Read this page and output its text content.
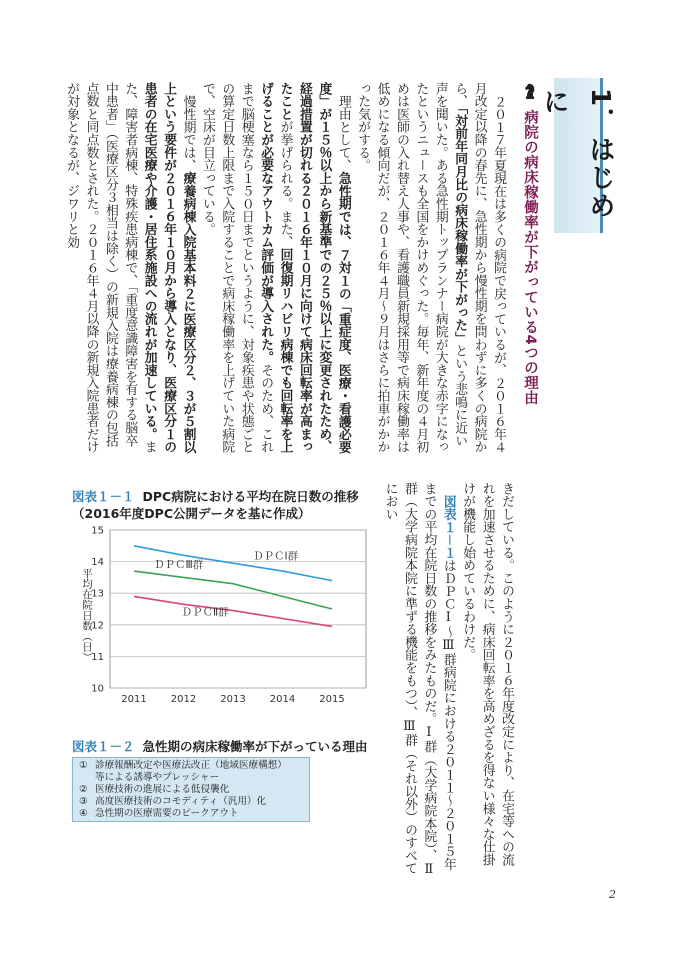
1．はじめに
病院の病床稼働率が下がっている4つの理由

２０１７年夏現在は多くの病院で戻っているが、２０１６年４月改定以降の春先に、急性期から慢性期を問わずに多くの病院から、「対前年同月比の病床稼働率が下がった」という悲鳴に近い声を聞いた。ある急性期トップランナー病院が大きな赤字になったというニュースも全国をかけめぐった。毎年、新年度の４月初めは医師の入れ替え人事や、看護職員新規採用等で病床稼働率は低めになる傾向だが、２０１６年４月～９月はさらに拍車がかかった気がする。

理由として、急性期では、７対１の「重症度、医療・看護必要度」が１５％以上から新基準での２５％以上に変更されたため、経過措置が切れる２０１６年１０月に向けて病床回転率が高まったことが挙げられる。また、回復期リハビリ病棟でも回転率を上げることが必要なアウトカム評価が導入された。そのため、これまで脳梗塞なら１５０日までというように、対象疾患や状態ごとの算定日数上限まで入院することで病床稼働率を上げていた病院で、空床が目立っている。

慢性期では、療養病棟入院基本料２に医療区分２、３が５割以上という要件が２０１６年１０月から導入となり、医療区分１の患者の在宅医療や介護・居住系施設への流れが加速している。また、障害者病棟、特殊疾患病棟で、「重度意識障害を有する脳卒中患者」（医療区分３相当は除く）の新規入院は療養病棟の包括点数と同点数とされた。２０１６年４月以降の新規入院患者だけが対象となるが、ジワリと効

きだしている。このように２０１６年度改定により、在宅等への流れを加速させるために、病床回転率を高めざるを得ない様々な仕掛けが機能し始めているわけだ。

図表１－１はＤＰＣⅠ～Ⅲ群病院における２０１１～２０１５年までの平均在院日数の推移をみたものだ。Ⅰ群（大学病院本院）、Ⅱ群（大学病院本院に準ずる機能をもつ）、Ⅲ群（それ以外）のすべてにおい

図表１－１ DPC病院における平均在院日数の推移（2016年度DPC公開データを基に作成）
10
11
12
13
14
15
2011 2012 2013 2014 2015
平均在院日数（日）
ＤＰＣⅠ群
ＤＰＣⅢ群
ＤＰＣⅡ群
図表１－２ 急性期の病床稼働率が下がっている理由
① 診療報酬改定や医療法改正（地域医療構想）
等による誘導やプレッシャー
② 医療技術の進展による低侵襲化
③ 高度医療技術のコモディティ（汎用）化
④ 急性期の医療需要のピークアウト
2
